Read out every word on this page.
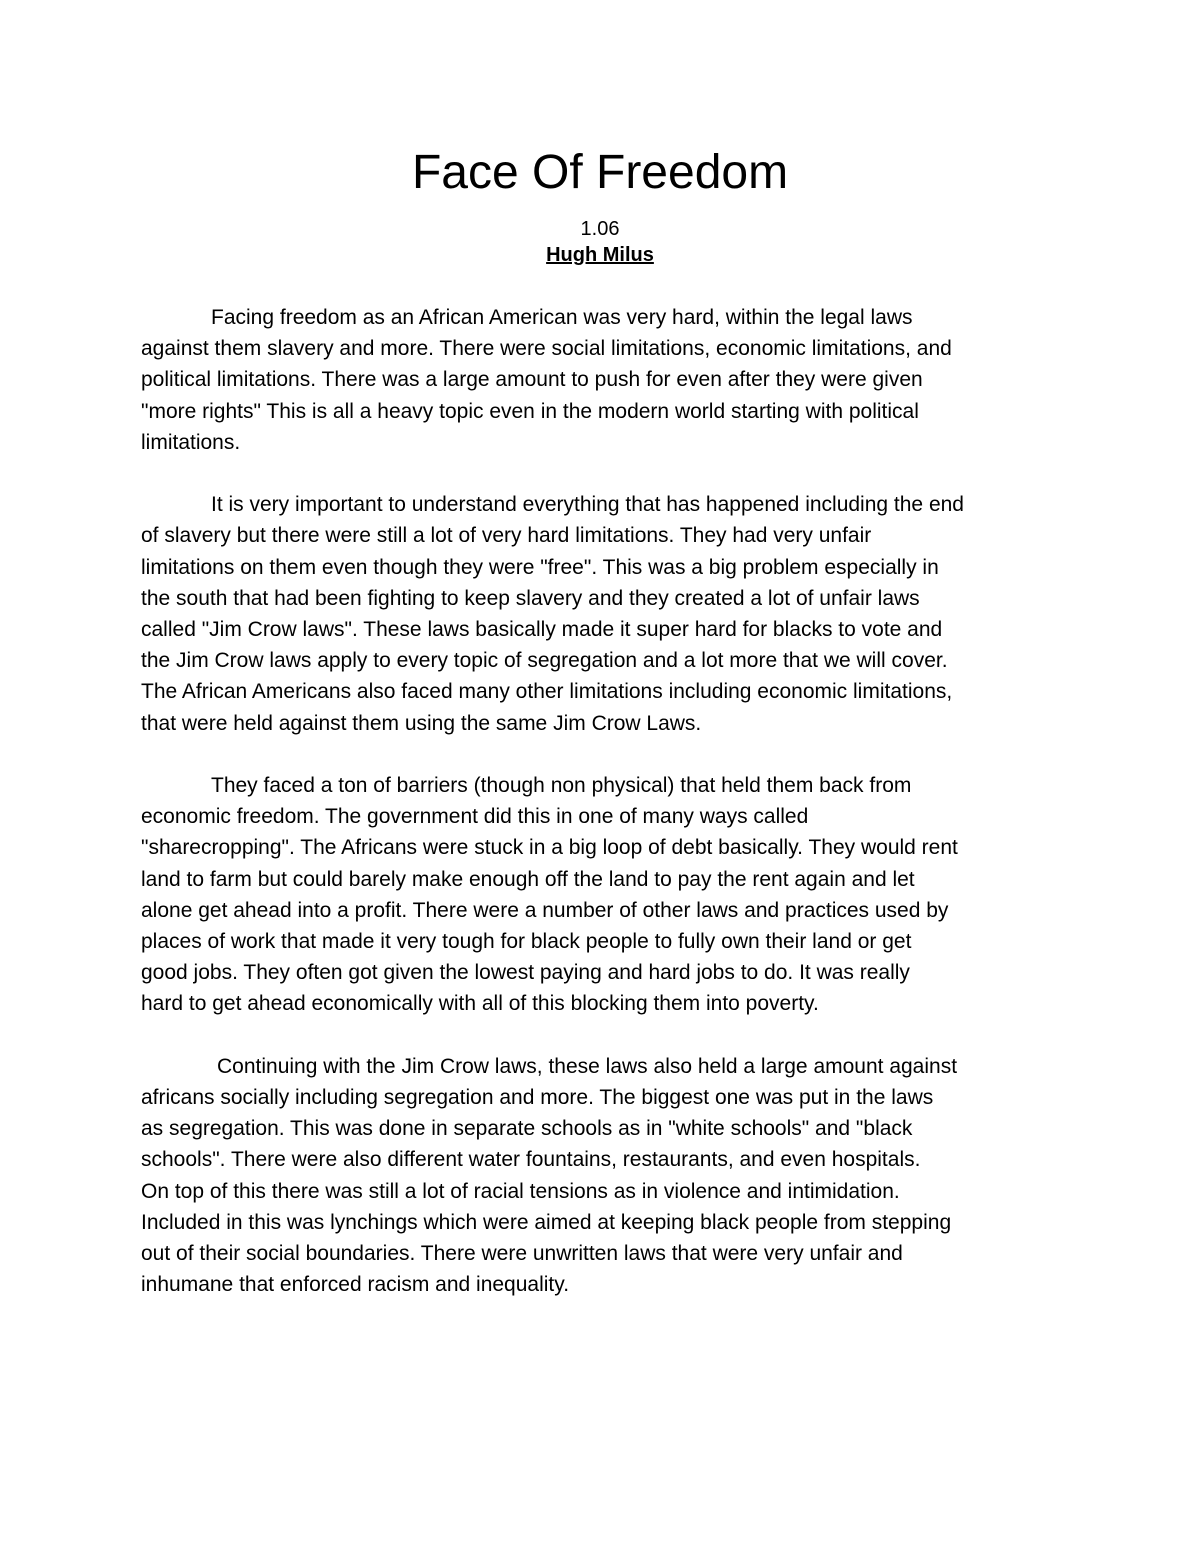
Face Of Freedom
1.06
Hugh Milus

Facing freedom as an African American was very hard, within the legal laws
against them slavery and more. There were social limitations, economic limitations, and
political limitations. There was a large amount to push for even after they were given
"more rights" This is all a heavy topic even in the modern world starting with political
limitations.

It is very important to understand everything that has happened including the end
of slavery but there were still a lot of very hard limitations. They had very unfair
limitations on them even though they were "free". This was a big problem especially in
the south that had been fighting to keep slavery and they created a lot of unfair laws
called "Jim Crow laws". These laws basically made it super hard for blacks to vote and
the Jim Crow laws apply to every topic of segregation and a lot more that we will cover.
The African Americans also faced many other limitations including economic limitations,
that were held against them using the same Jim Crow Laws.

They faced a ton of barriers (though non physical) that held them back from
economic freedom. The government did this in one of many ways called
"sharecropping". The Africans were stuck in a big loop of debt basically. They would rent
land to farm but could barely make enough off the land to pay the rent again and let
alone get ahead into a profit. There were a number of other laws and practices used by
places of work that made it very tough for black people to fully own their land or get
good jobs. They often got given the lowest paying and hard jobs to do. It was really
hard to get ahead economically with all of this blocking them into poverty.

Continuing with the Jim Crow laws, these laws also held a large amount against
africans socially including segregation and more. The biggest one was put in the laws
as segregation. This was done in separate schools as in "white schools" and "black
schools". There were also different water fountains, restaurants, and even hospitals.
On top of this there was still a lot of racial tensions as in violence and intimidation.
Included in this was lynchings which were aimed at keeping black people from stepping
out of their social boundaries. There were unwritten laws that were very unfair and
inhumane that enforced racism and inequality.
